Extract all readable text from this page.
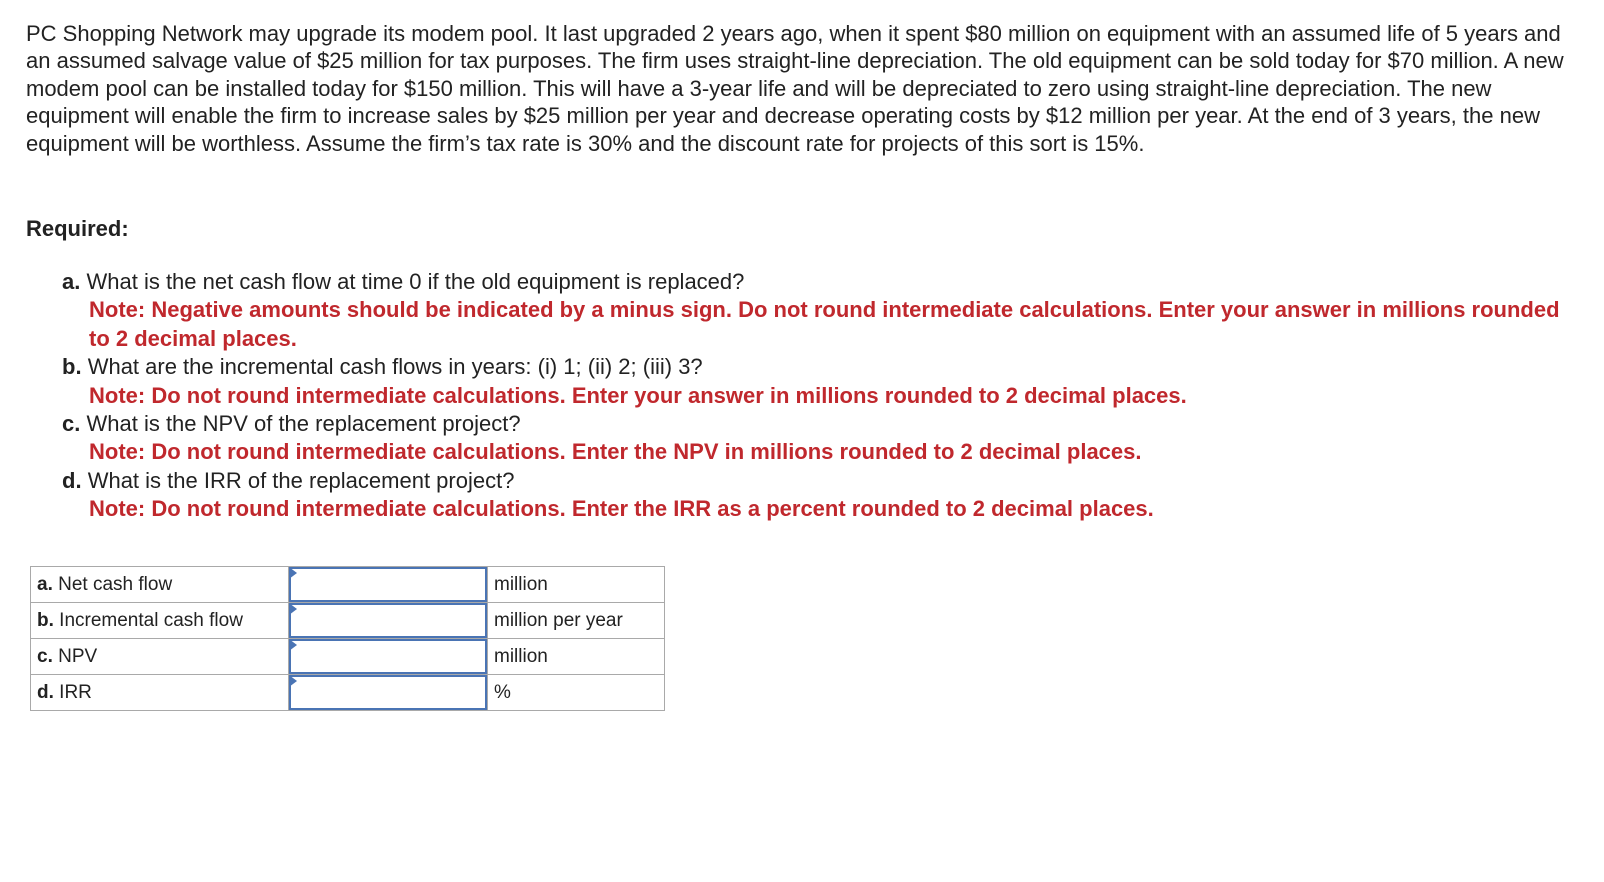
PC Shopping Network may upgrade its modem pool. It last upgraded 2 years ago, when it spent $80 million on equipment with an assumed life of 5 years and an assumed salvage value of $25 million for tax purposes. The firm uses straight-line depreciation. The old equipment can be sold today for $70 million. A new modem pool can be installed today for $150 million. This will have a 3-year life and will be depreciated to zero using straight-line depreciation. The new equipment will enable the firm to increase sales by $25 million per year and decrease operating costs by $12 million per year. At the end of 3 years, the new equipment will be worthless. Assume the firm’s tax rate is 30% and the discount rate for projects of this sort is 15%.

Required:

a. What is the net cash flow at time 0 if the old equipment is replaced?
Note: Negative amounts should be indicated by a minus sign. Do not round intermediate calculations. Enter your answer in millions rounded to 2 decimal places.
b. What are the incremental cash flows in years: (i) 1; (ii) 2; (iii) 3?
Note: Do not round intermediate calculations. Enter your answer in millions rounded to 2 decimal places.
c. What is the NPV of the replacement project?
Note: Do not round intermediate calculations. Enter the NPV in millions rounded to 2 decimal places.
d. What is the IRR of the replacement project?
Note: Do not round intermediate calculations. Enter the IRR as a percent rounded to 2 decimal places.
a. Net cash flow		million
b. Incremental cash flow		million per year
c. NPV		million
d. IRR		%
